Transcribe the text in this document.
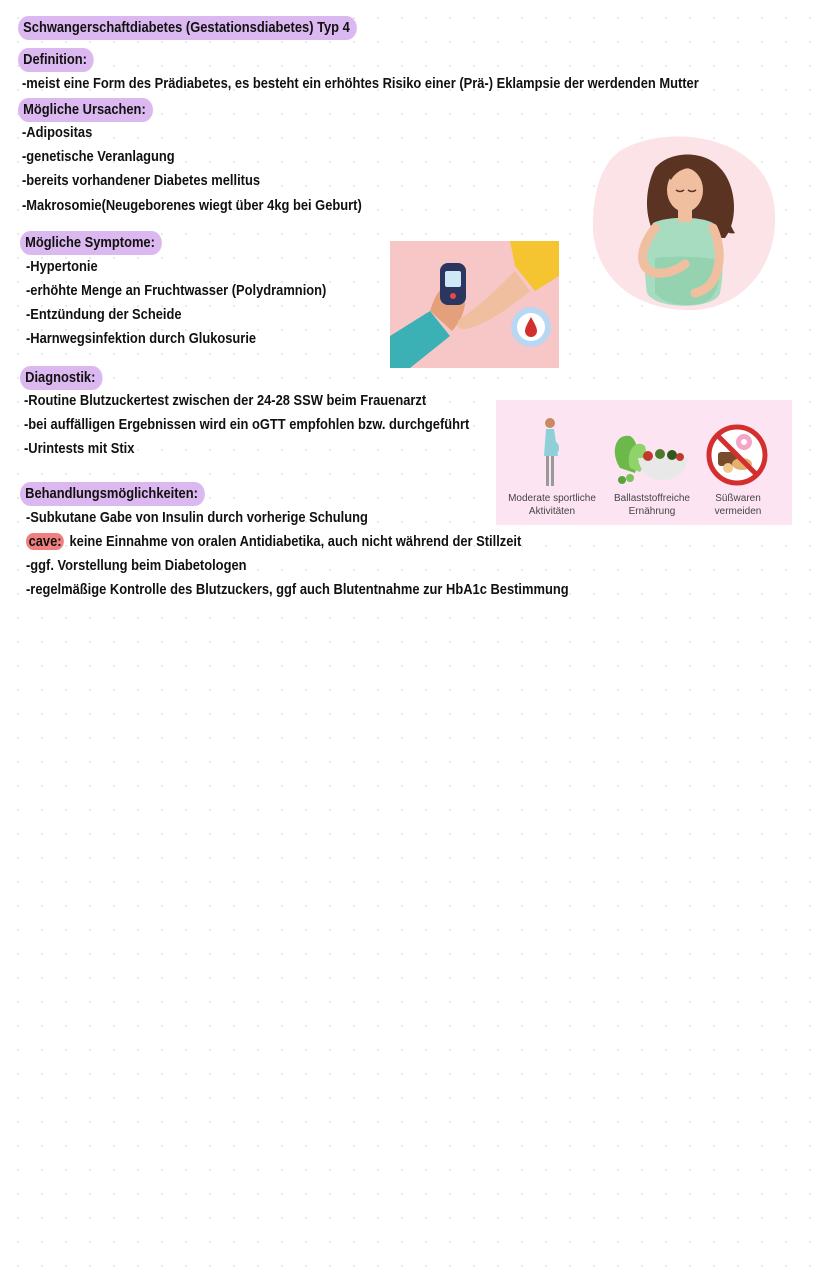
Schwangerschaftdiabetes (Gestationsdiabetes) Typ 4
Definition:
-meist eine Form des Prädiabetes, es besteht ein erhöhtes Risiko einer (Prä-) Eklampsie der werdenden Mutter
Mögliche Ursachen:
-Adipositas
-genetische Veranlagung
-bereits vorhandener Diabetes mellitus
-Makrosomie(Neugeborenes wiegt über 4kg bei Geburt)
Mögliche Symptome:
-Hypertonie
-erhöhte Menge an Fruchtwasser (Polydramnion)
-Entzündung der Scheide
-Harnwegsinfektion durch Glukosurie
Diagnostik:
-Routine Blutzuckertest zwischen der 24-28 SSW beim Frauenarzt
-bei auffälligen Ergebnissen wird ein oGTT empfohlen bzw. durchgeführt
-Urintests mit Stix
Behandlungsmöglichkeiten:
-Subkutane Gabe von Insulin durch vorherige Schulung
cave: keine Einnahme von oralen Antidiabetika, auch nicht während der Stillzeit
-ggf. Vorstellung beim Diabetologen
-regelmäßige Kontrolle des Blutzuckers, ggf auch Blutentnahme zur HbA1c Bestimmung
Moderate sportliche Aktivitäten
Ballaststoffreiche Ernährung
Süßwaren vermeiden
